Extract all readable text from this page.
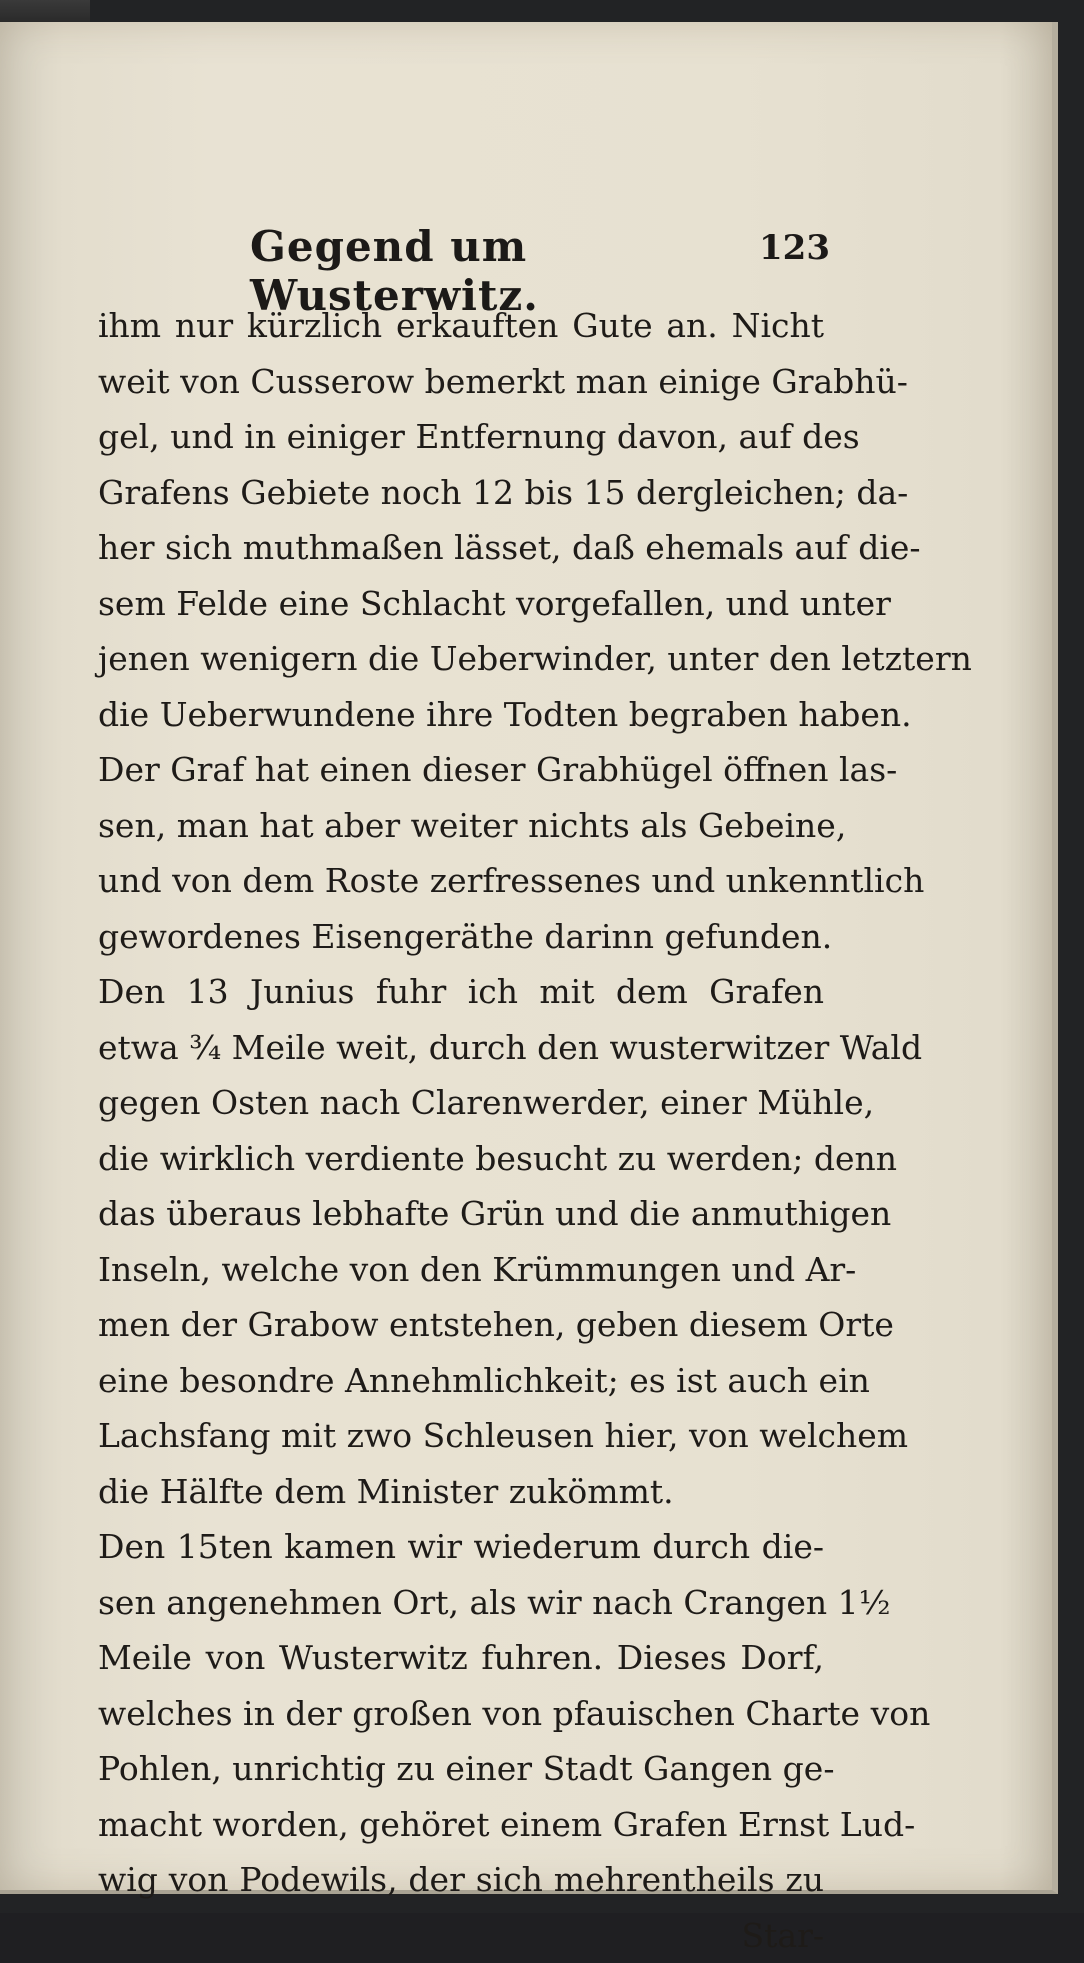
Gegend um Wusterwitz.
123
ihm nur kürzlich erkauften Gute an. Nicht
weit von Cusserow bemerkt man einige Grabhü-
gel, und in einiger Entfernung davon, auf des
Grafens Gebiete noch 12 bis 15 dergleichen; da-
her sich muthmaßen lässet, daß ehemals auf die-
sem Felde eine Schlacht vorgefallen, und unter
jenen wenigern die Ueberwinder, unter den letztern
die Ueberwundene ihre Todten begraben haben.
Der Graf hat einen dieser Grabhügel öffnen las-
sen, man hat aber weiter nichts als Gebeine,
und von dem Roste zerfressenes und unkenntlich
gewordenes Eisengeräthe darinn gefunden.
Den 13 Junius fuhr ich mit dem Grafen
etwa ¾ Meile weit, durch den wusterwitzer Wald
gegen Osten nach Clarenwerder, einer Mühle,
die wirklich verdiente besucht zu werden; denn
das überaus lebhafte Grün und die anmuthigen
Inseln, welche von den Krümmungen und Ar-
men der Grabow entstehen, geben diesem Orte
eine besondre Annehmlichkeit; es ist auch ein
Lachsfang mit zwo Schleusen hier, von welchem
die Hälfte dem Minister zukömmt.
Den 15ten kamen wir wiederum durch die-
sen angenehmen Ort, als wir nach Crangen 1½
Meile von Wusterwitz fuhren. Dieses Dorf,
welches in der großen von pfauischen Charte von
Pohlen, unrichtig zu einer Stadt Gangen ge-
macht worden, gehöret einem Grafen Ernst Lud-
wig von Podewils, der sich mehrentheils zu
Star-
